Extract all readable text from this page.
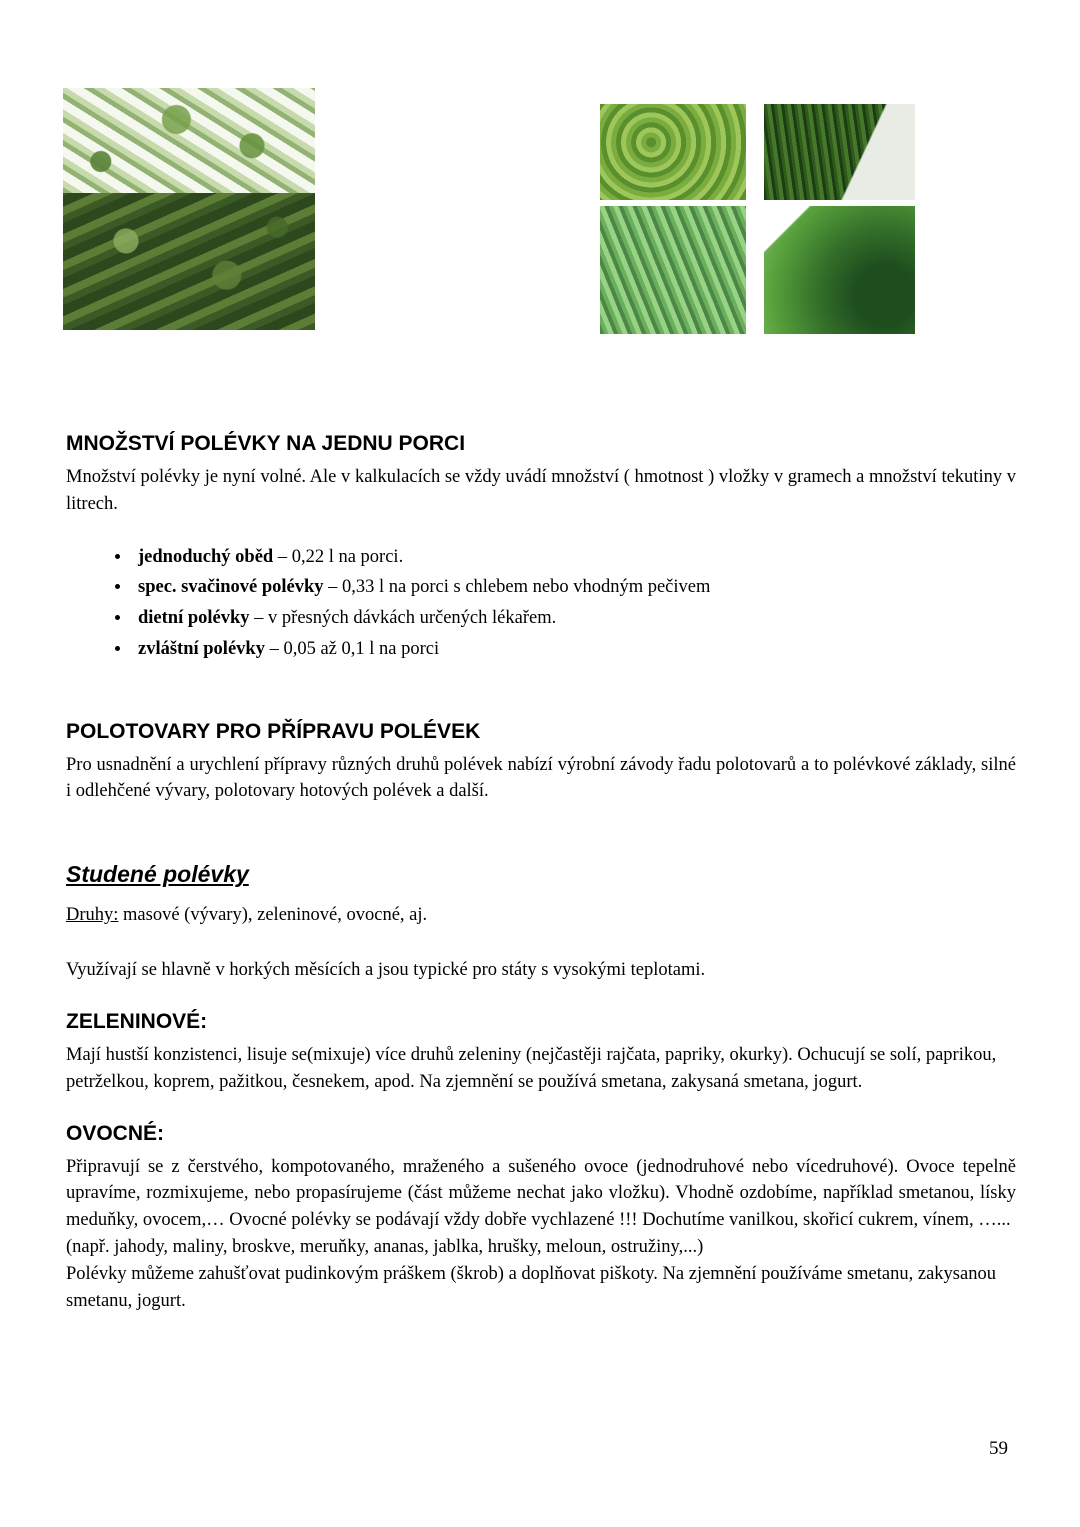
MNOŽSTVÍ POLÉVKY NA JEDNU PORCI

Množství polévky je nyní volné. Ale v kalkulacích se vždy uvádí množství ( hmotnost ) vložky v gramech a množství tekutiny v litrech.

• jednoduchý oběd – 0,22 l na porci.
• spec. svačinové polévky – 0,33 l na porci s chlebem nebo vhodným pečivem
• dietní polévky – v přesných dávkách určených lékařem.
• zvláštní polévky – 0,05 až 0,1 l na porci
POLOTOVARY PRO PŘÍPRAVU POLÉVEK

Pro usnadnění a urychlení přípravy různých druhů polévek nabízí výrobní závody řadu polotovarů a to polévkové základy, silné i odlehčené vývary, polotovary hotových polévek a další.

Studené polévky

Druhy: masové (vývary), zeleninové, ovocné, aj.

Využívají se hlavně v horkých měsících a jsou typické pro státy s vysokými teplotami.

ZELENINOVÉ:

Mají hustší konzistenci, lisuje se(mixuje) více druhů zeleniny (nejčastěji rajčata, papriky, okurky). Ochucují se solí, paprikou, petrželkou, koprem, pažitkou, česnekem, apod. Na zjemnění se používá smetana, zakysaná smetana, jogurt.

OVOCNÉ:

Připravují se z čerstvého, kompotovaného, mraženého a sušeného ovoce (jednodruhové nebo vícedruhové). Ovoce tepelně upravíme, rozmixujeme, nebo propasírujeme (část můžeme nechat jako vložku). Vhodně ozdobíme, například smetanou, lísky meduňky, ovocem,… Ovocné polévky se podávají vždy dobře vychlazené !!! Dochutíme vanilkou, skořicí cukrem, vínem, …...

(např. jahody, maliny, broskve, meruňky, ananas, jablka, hrušky, meloun, ostružiny,...)

Polévky můžeme zahušťovat pudinkovým práškem (škrob) a doplňovat piškoty. Na zjemnění používáme smetanu, zakysanou smetanu, jogurt.

59
